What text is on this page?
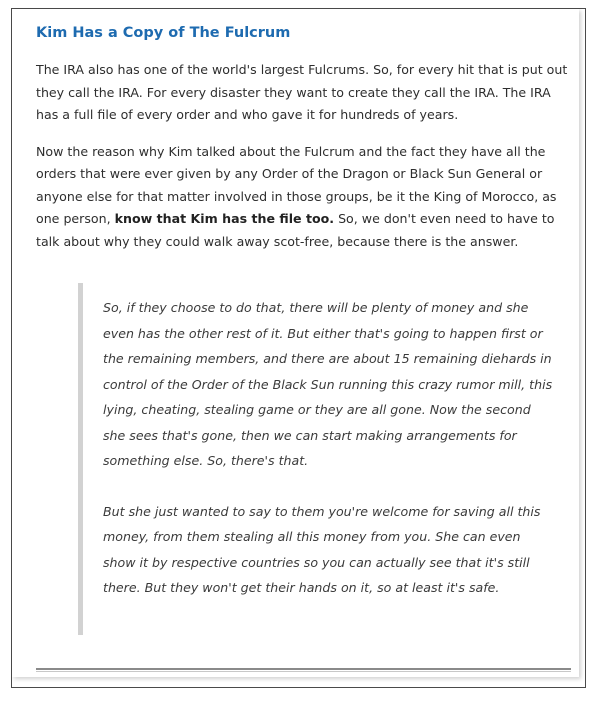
Kim Has a Copy of The Fulcrum

The IRA also has one of the world's largest Fulcrums. So, for every hit that is put out they call the IRA. For every disaster they want to create they call the IRA. The IRA has a full file of every order and who gave it for hundreds of years.

Now the reason why Kim talked about the Fulcrum and the fact they have all the orders that were ever given by any Order of the Dragon or Black Sun General or anyone else for that matter involved in those groups, be it the King of Morocco, as one person, know that Kim has the file too. So, we don't even need to have to talk about why they could walk away scot-free, because there is the answer.

So, if they choose to do that, there will be plenty of money and she even has the other rest of it. But either that's going to happen first or the remaining members, and there are about 15 remaining diehards in control of the Order of the Black Sun running this crazy rumor mill, this lying, cheating, stealing game or they are all gone. Now the second she sees that's gone, then we can start making arrangements for something else. So, there's that.

But she just wanted to say to them you're welcome for saving all this money, from them stealing all this money from you. She can even show it by respective countries so you can actually see that it's still there. But they won't get their hands on it, so at least it's safe.
